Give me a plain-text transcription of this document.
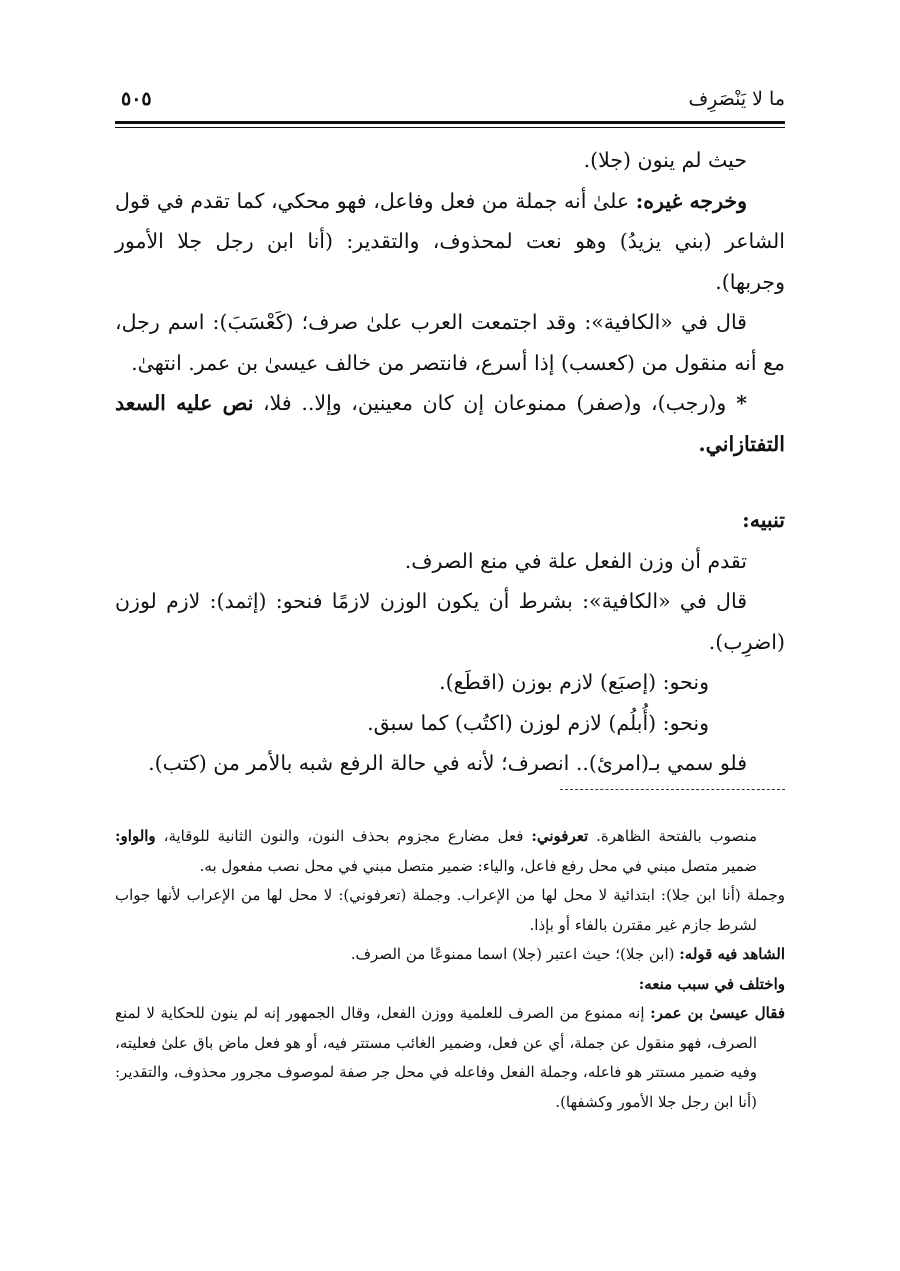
ما لا يَنْصَرِف
٥٠٥

حيث لم ينون (جلا).

وخرجه غيره: علىٰ أنه جملة من فعل وفاعل، فهو محكي، كما تقدم في قول الشاعر (بني يزيدُ) وهو نعت لمحذوف، والتقدير: (أنا ابن رجل جلا الأمور وجربها).

قال في «الكافية»: وقد اجتمعت العرب علىٰ صرف؛ (كَعْسَبَ): اسم رجل، مع أنه منقول من (كعسب) إذا أسرع، فانتصر من خالف عيسىٰ بن عمر. انتهىٰ.

*و(رجب)، و(صفر) ممنوعان إن كان معينين، وإلا.. فلا، نص عليه السعد التفتازاني.

تنبيه:

تقدم أن وزن الفعل علة في منع الصرف.

قال في «الكافية»: بشرط أن يكون الوزن لازمًا فنحو: (إثمد): لازم لوزن (اضرِب).

ونحو: (إصبَع) لازم بوزن (اقطَع).

ونحو: (أُبلُم) لازم لوزن (اكتُب) كما سبق.

فلو سمي بـ(امرئ).. انصرف؛ لأنه في حالة الرفع شبه بالأمر من (كتب).

منصوب بالفتحة الظاهرة. تعرفوني: فعل مضارع مجزوم بحذف النون، والنون الثانية للوقاية، والواو: ضمير متصل مبني في محل رفع فاعل، والياء: ضمير متصل مبني في محل نصب مفعول به.

وجملة (أنا ابن جلا): ابتدائية لا محل لها من الإعراب. وجملة (تعرفوني): لا محل لها من الإعراب لأنها جواب لشرط جازم غير مقترن بالفاء أو بإذا.

الشاهد فيه قوله: (ابن جلا)؛ حيث اعتبر (جلا) اسما ممنوعًا من الصرف.

واختلف في سبب منعه:

فقال عيسىٰ بن عمر: إنه ممنوع من الصرف للعلمية ووزن الفعل، وقال الجمهور إنه لم ينون للحكاية لا لمنع الصرف، فهو منقول عن جملة، أي عن فعل، وضمير الغائب مستتر فيه، أو هو فعل ماض باق علىٰ فعليته، وفيه ضمير مستتر هو فاعله، وجملة الفعل وفاعله في محل جر صفة لموصوف مجرور محذوف، والتقدير: (أنا ابن رجل جلا الأمور وكشفها).
